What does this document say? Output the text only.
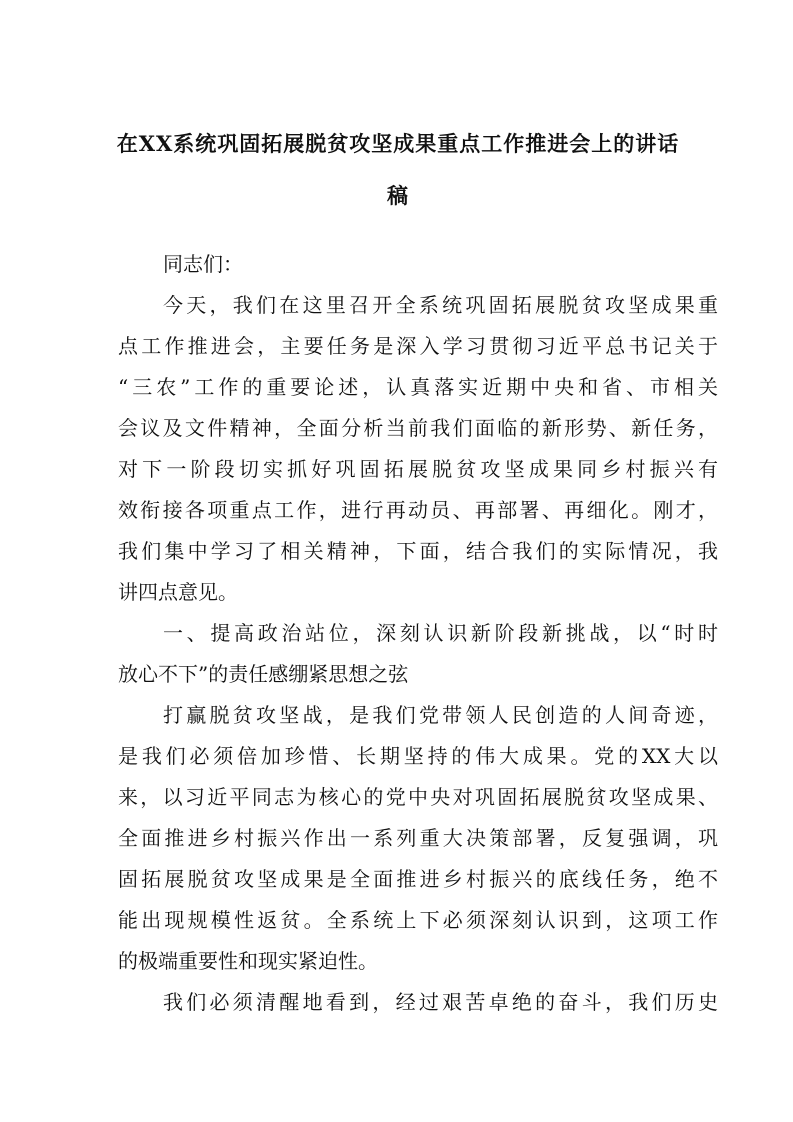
在XX系统巩固拓展脱贫攻坚成果重点工作推进会上的讲话
稿
同志们：
今天，我们在这里召开全系统巩固拓展脱贫攻坚成果重
点工作推进会，主要任务是深入学习贯彻习近平总书记关于
“三农”工作的重要论述，认真落实近期中央和省、市相关
会议及文件精神，全面分析当前我们面临的新形势、新任务，
对下一阶段切实抓好巩固拓展脱贫攻坚成果同乡村振兴有
效衔接各项重点工作，进行再动员、再部署、再细化。刚才，
我们集中学习了相关精神，下面，结合我们的实际情况，我
讲四点意见。
一、提高政治站位，深刻认识新阶段新挑战，以“时时
放心不下”的责任感绷紧思想之弦
打赢脱贫攻坚战，是我们党带领人民创造的人间奇迹，
是我们必须倍加珍惜、长期坚持的伟大成果。党的XX大以
来，以习近平同志为核心的党中央对巩固拓展脱贫攻坚成果、
全面推进乡村振兴作出一系列重大决策部署，反复强调，巩
固拓展脱贫攻坚成果是全面推进乡村振兴的底线任务，绝不
能出现规模性返贫。全系统上下必须深刻认识到，这项工作
的极端重要性和现实紧迫性。
我们必须清醒地看到，经过艰苦卓绝的奋斗，我们历史
